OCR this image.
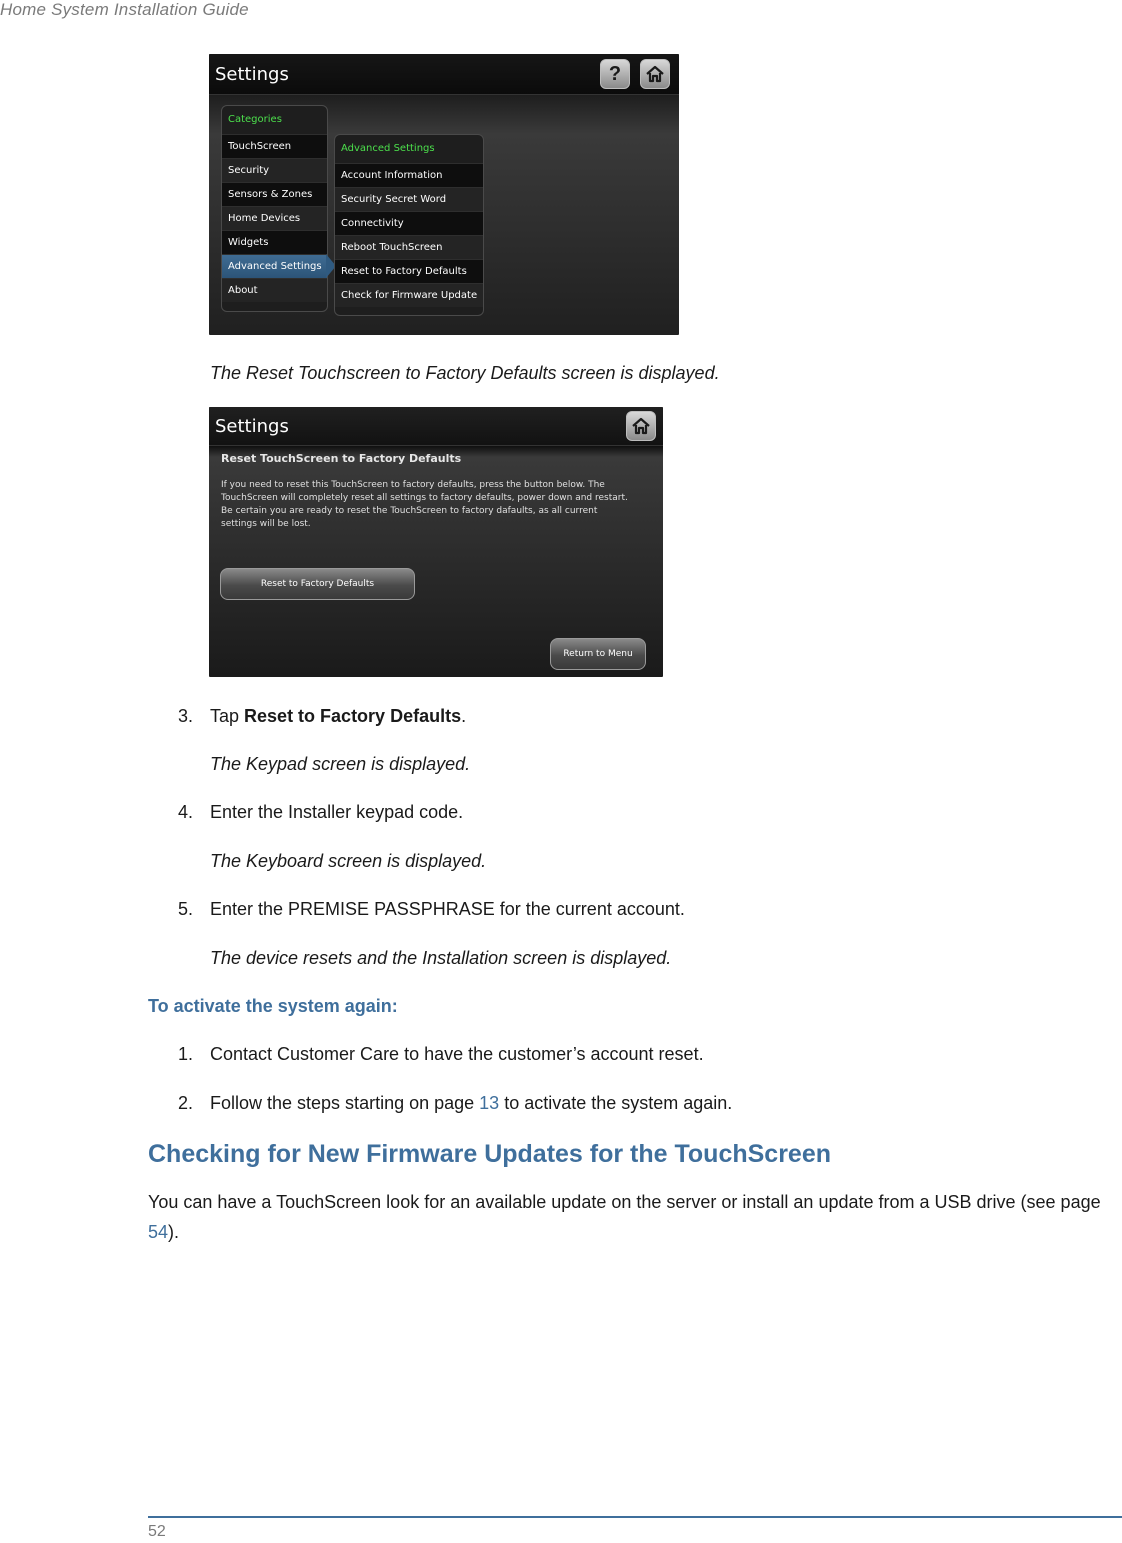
Home System Installation Guide
Settings	?
Categories
TouchScreen
Security
Sensors & Zones
Home Devices
Widgets
Advanced Settings
About
Advanced Settings
Account Information
Security Secret Word
Connectivity
Reboot TouchScreen
Reset to Factory Defaults
Check for Firmware Update
The Reset Touchscreen to Factory Defaults screen is displayed.
Settings
Reset TouchScreen to Factory Defaults
If you need to reset this TouchScreen to factory defaults, press the button below. The TouchScreen will completely reset all settings to factory defaults, power down and restart. Be certain you are ready to reset the TouchScreen to factory dafaults, as all current settings will be lost.
Reset to Factory Defaults
Return to Menu
3. Tap Reset to Factory Defaults.
The Keypad screen is displayed.
4. Enter the Installer keypad code.
The Keyboard screen is displayed.
5. Enter the PREMISE PASSPHRASE for the current account.
The device resets and the Installation screen is displayed.
To activate the system again:
1. Contact Customer Care to have the customer’s account reset.
2. Follow the steps starting on page 13 to activate the system again.
Checking for New Firmware Updates for the TouchScreen
You can have a TouchScreen look for an available update on the server or install an update from a USB drive (see page 54).
52
